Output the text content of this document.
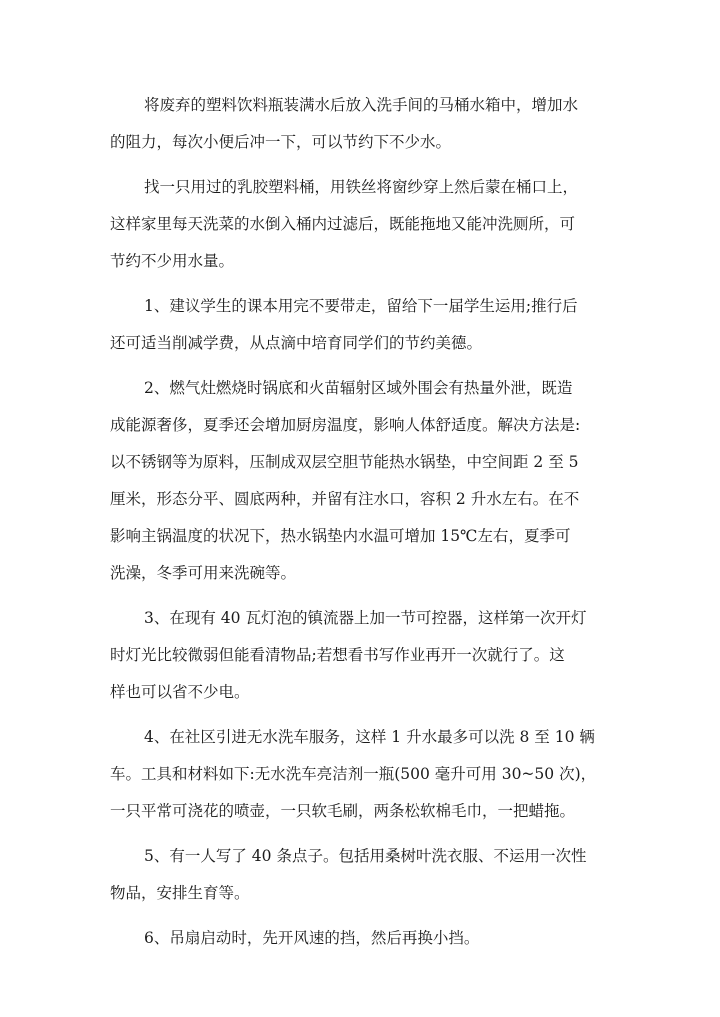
将废弃的塑料饮料瓶装满水后放入洗手间的马桶水箱中，增加水
的阻力，每次小便后冲一下，可以节约下不少水。
找一只用过的乳胶塑料桶，用铁丝将窗纱穿上然后蒙在桶口上，
这样家里每天洗菜的水倒入桶内过滤后，既能拖地又能冲洗厕所，可
节约不少用水量。
1、建议学生的课本用完不要带走，留给下一届学生运用;推行后
还可适当削减学费，从点滴中培育同学们的节约美德。
2、燃气灶燃烧时锅底和火苗辐射区域外围会有热量外泄，既造
成能源奢侈，夏季还会增加厨房温度，影响人体舒适度。解决方法是:
以不锈钢等为原料，压制成双层空胆节能热水锅垫，中空间距 2 至 5
厘米，形态分平、圆底两种，并留有注水口，容积 2 升水左右。在不
影响主锅温度的状况下，热水锅垫内水温可增加 15℃左右，夏季可
洗澡，冬季可用来洗碗等。
3、在现有 40 瓦灯泡的镇流器上加一节可控器，这样第一次开灯
时灯光比较微弱但能看清物品;若想看书写作业再开一次就行了。这
样也可以省不少电。
4、在社区引进无水洗车服务，这样 1 升水最多可以洗 8 至 10 辆
车。工具和材料如下:无水洗车亮洁剂一瓶(500 毫升可用 30~50 次)，
一只平常可浇花的喷壶，一只软毛刷，两条松软棉毛巾，一把蜡拖。
5、有一人写了 40 条点子。包括用桑树叶洗衣服、不运用一次性
物品，安排生育等。
6、吊扇启动时，先开风速的挡，然后再换小挡。
